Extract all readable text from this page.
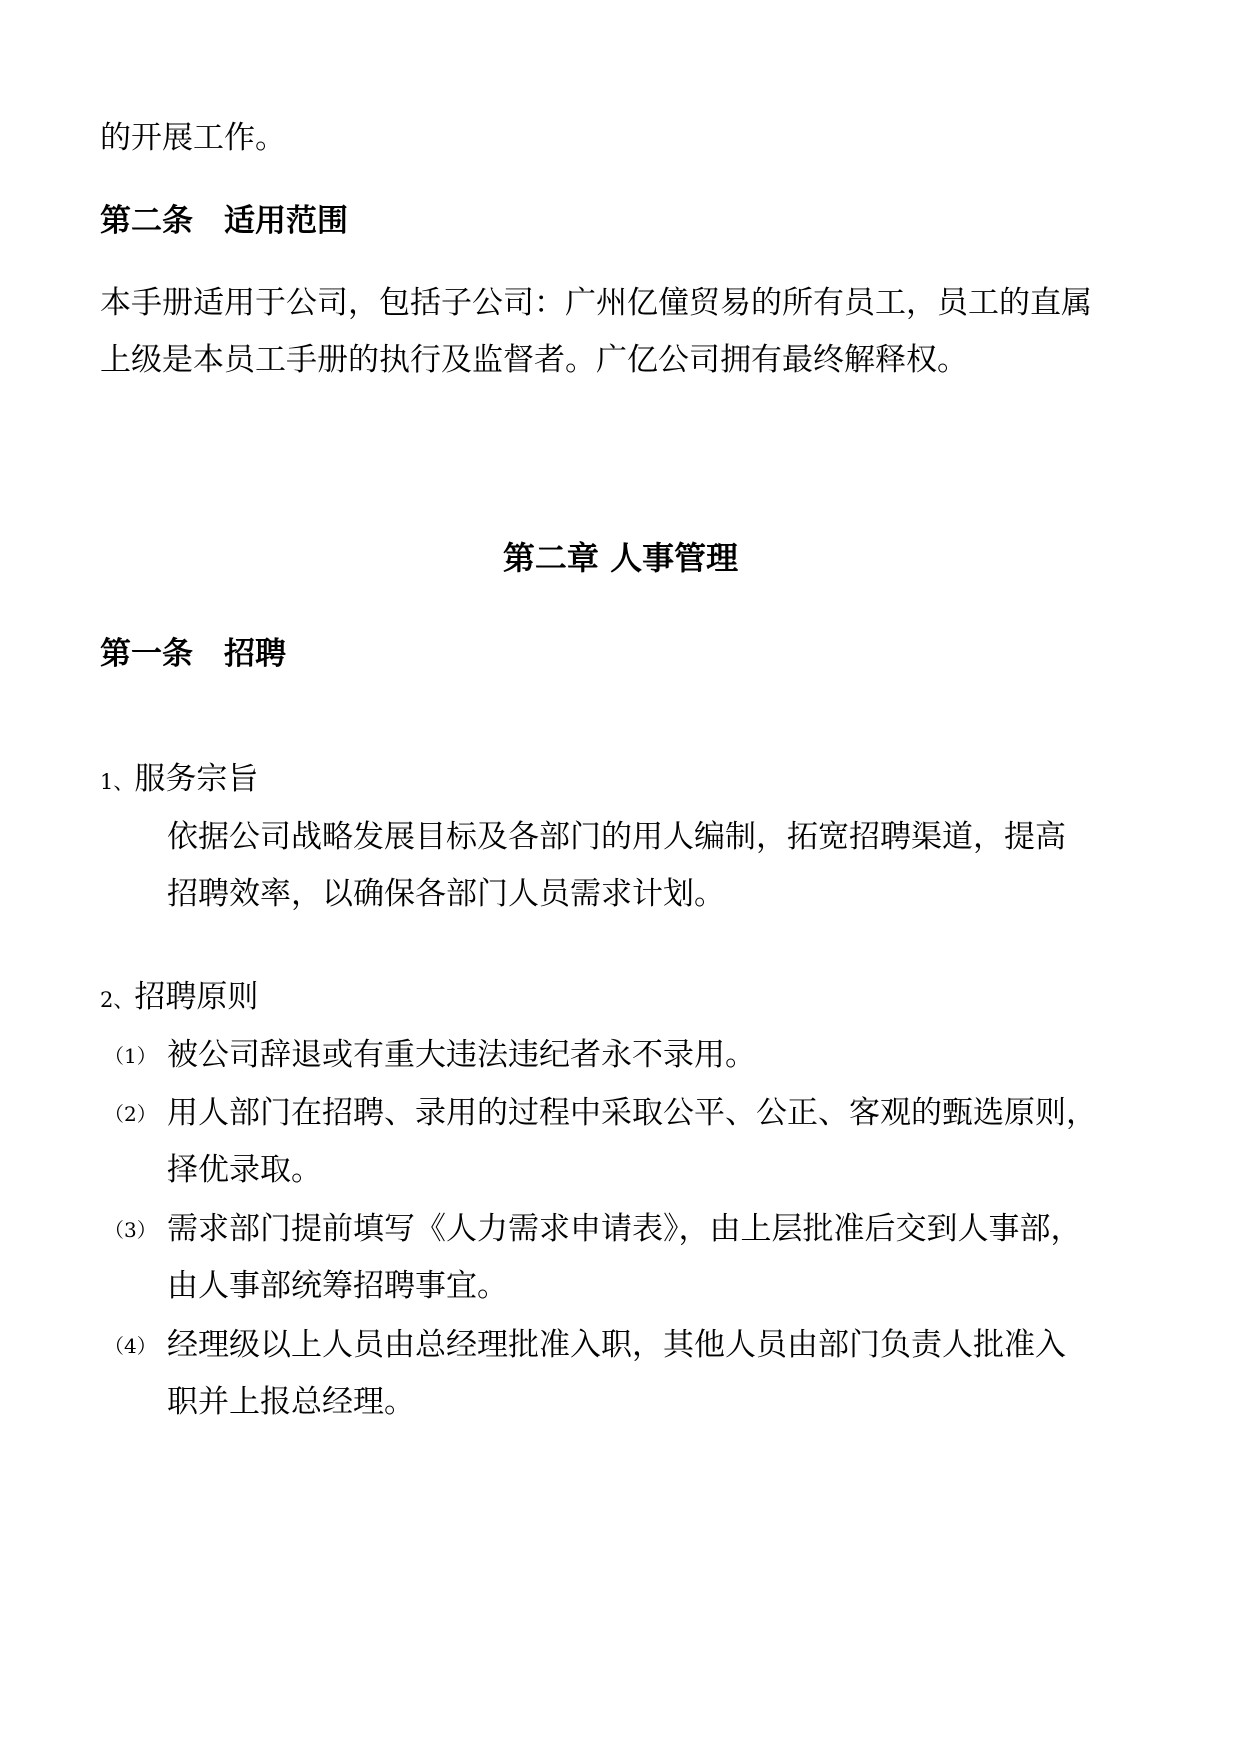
的开展工作。
第二条　适用范围
本手册适用于公司，包括子公司：广州亿僮贸易的所有员工，员工的直属
上级是本员工手册的执行及监督者。广亿公司拥有最终解释权。
第二章 人事管理
第一条　招聘
1、服务宗旨
依据公司战略发展目标及各部门的用人编制，拓宽招聘渠道，提高
招聘效率，以确保各部门人员需求计划。
2、招聘原则
（1） 被公司辞退或有重大违法违纪者永不录用。
（2） 用人部门在招聘、录用的过程中采取公平、公正、客观的甄选原则，
择优录取。
（3） 需求部门提前填写《人力需求申请表》，由上层批准后交到人事部，
由人事部统筹招聘事宜。
（4） 经理级以上人员由总经理批准入职，其他人员由部门负责人批准入
职并上报总经理。
